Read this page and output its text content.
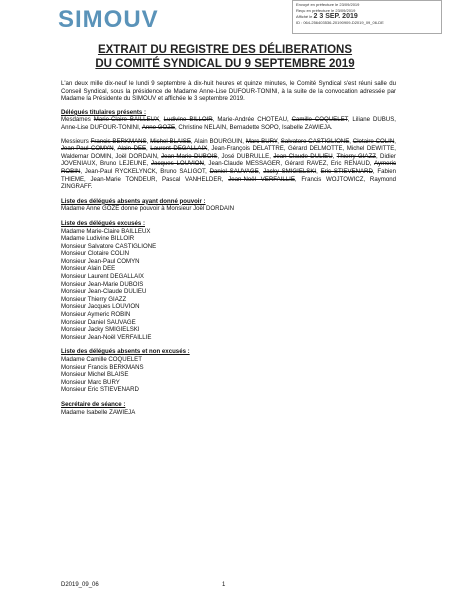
SIMOUV
Envoyé en préfecture le 23/09/2019
Reçu en préfecture le 23/09/2019
Affiché le 2 3 SEP. 2019
ID : 064-256403536-20190909-D2019_09_06-DE
EXTRAIT DU REGISTRE DES DÉLIBERATIONS
DU COMITÉ SYNDICAL DU 9 SEPTEMBRE 2019

L'an deux mille dix-neuf le lundi 9 septembre à dix-huit heures et quinze minutes, le Comité Syndical s'est réuni salle du Conseil Syndical, sous la présidence de Madame Anne-Lise DUFOUR-TONINI, à la suite de la convocation adressée par Madame la Présidente du SIMOUV et affichée le 3 septembre 2019.

Délégués titulaires présents :

Mesdames Marie-Claire BAILLEUX, Ludivine BILLOIR, Marie-Andrée CHOTEAU, Camille COQUELET, Liliane DUBUS, Anne-Lise DUFOUR-TONINI, Anne GOZE, Christine NELAIN, Bernadette SOPO, Isabelle ZAWIEJA.

Messieurs Francis BERKMANS, Michel BLAISE, Alain BOURGUIN, Marc BURY, Salvatore CASTIGLIONE, Clotaire COLIN, Jean-Paul COMYN, Alain DEE, Laurent DEGALLAIX, Jean-François DELATTRE, Gérard DELMOTTE, Michel DEWITTE, Waldemar DOMIN, Joël DORDAIN, Jean-Marie DUBOIS, José DUBRULLE, Jean-Claude DULIEU, Thierry GIAZZ, Didier JOVENIAUX, Bruno LEJEUNE, Jacques LOUVION, Jean-Claude MESSAGER, Gérard RAVEZ, Eric RENAUD, Aymeric ROBIN, Jean-Paul RYCKELYNCK, Bruno SALIGOT, Daniel SAUVAGE, Jacky SMIGIELSKI, Eric STIEVENARD, Fabien THIEME, Jean-Marie TONDEUR, Pascal VANHELDER, Jean-Noël VERFAILLIE, Francis WOJTOWICZ, Raymond ZINGRAFF.

Liste des délégués absents ayant donné pouvoir :

Madame Anne GOZE donne pouvoir à Monsieur Joël DORDAIN

Liste des délégués excusés :

Madame Marie-Claire BAILLEUX
Madame Ludivine BILLOIR
Monsieur Salvatore CASTIGLIONE
Monsieur Clotaire COLIN
Monsieur Jean-Paul COMYN
Monsieur Alain DEE
Monsieur Laurent DEGALLAIX
Monsieur Jean-Marie DUBOIS
Monsieur Jean-Claude DULIEU
Monsieur Thierry GIAZZ
Monsieur Jacques LOUVION
Monsieur Aymeric ROBIN
Monsieur Daniel SAUVAGE
Monsieur Jacky SMIGIELSKI
Monsieur Jean-Noël VERFAILLIE

Liste des délégués absents et non excusés :

Madame Camille COQUELET
Monsieur Francis BERKMANS
Monsieur Michel BLAISE
Monsieur Marc BURY
Monsieur Eric STIEVENARD

Secrétaire de séance :

Madame Isabelle ZAWIEJA
D2019_09_06	1
